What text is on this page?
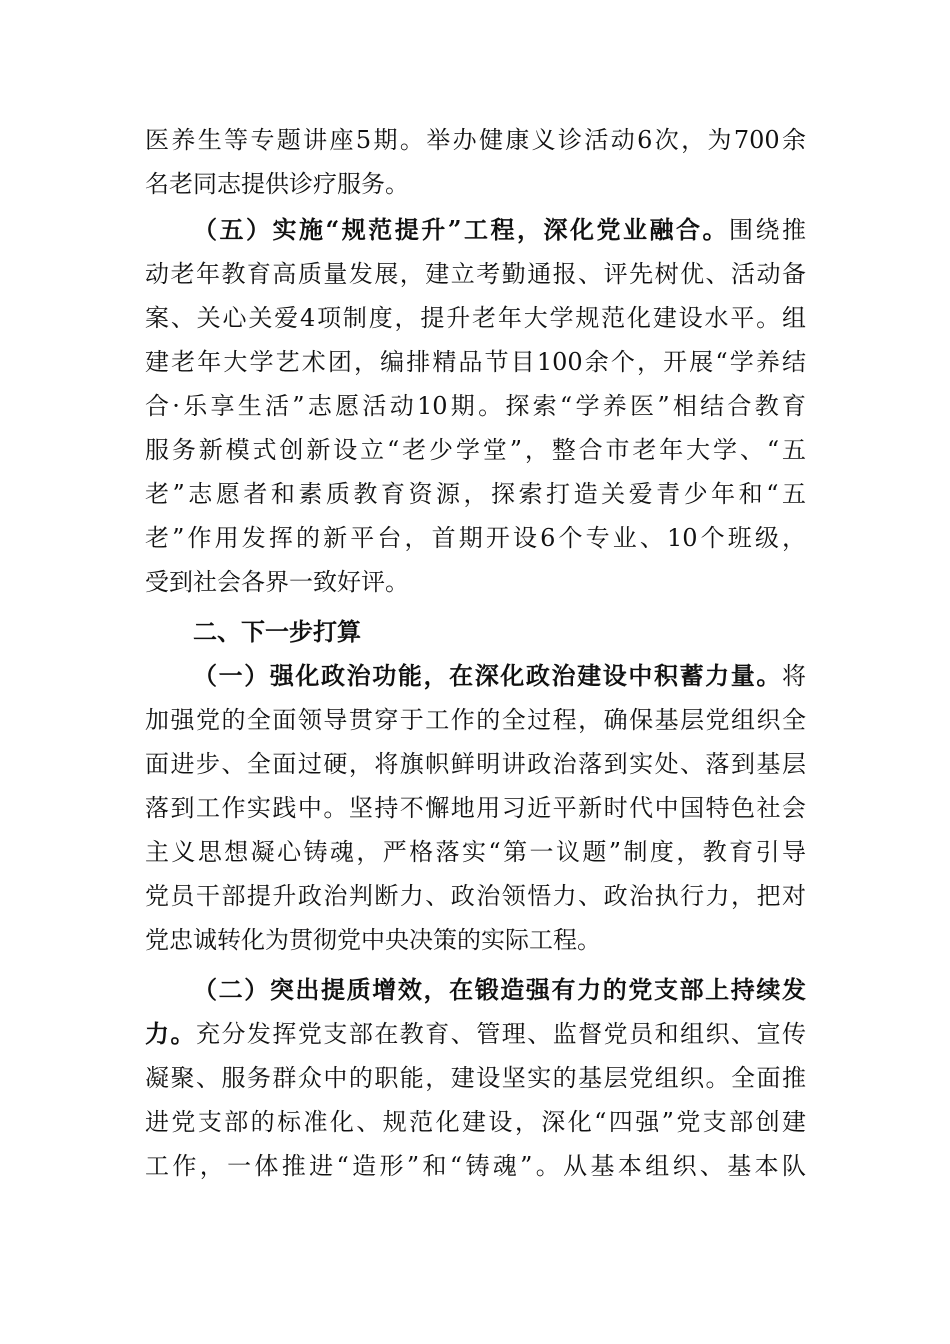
医养生等专题讲座5期。举办健康义诊活动6次，为700余
名老同志提供诊疗服务。
（五）实施“规范提升”工程，深化党业融合。围绕推
动老年教育高质量发展，建立考勤通报、评先树优、活动备
案、关心关爱4项制度，提升老年大学规范化建设水平。组
建老年大学艺术团，编排精品节目100余个，开展“学养结
合·乐享生活”志愿活动10期。探索“学养医”相结合教育
服务新模式创新设立“老少学堂”，整合市老年大学、“五
老”志愿者和素质教育资源，探索打造关爱青少年和“五
老”作用发挥的新平台，首期开设6个专业、10个班级，
受到社会各界一致好评。
二、下一步打算
（一）强化政治功能，在深化政治建设中积蓄力量。将
加强党的全面领导贯穿于工作的全过程，确保基层党组织全
面进步、全面过硬，将旗帜鲜明讲政治落到实处、落到基层
落到工作实践中。坚持不懈地用习近平新时代中国特色社会
主义思想凝心铸魂，严格落实“第一议题”制度，教育引导
党员干部提升政治判断力、政治领悟力、政治执行力，把对
党忠诚转化为贯彻党中央决策的实际工程。
（二）突出提质增效，在锻造强有力的党支部上持续发
力。充分发挥党支部在教育、管理、监督党员和组织、宣传
凝聚、服务群众中的职能，建设坚实的基层党组织。全面推
进党支部的标准化、规范化建设，深化“四强”党支部创建
工作，一体推进“造形”和“铸魂”。从基本组织、基本队
